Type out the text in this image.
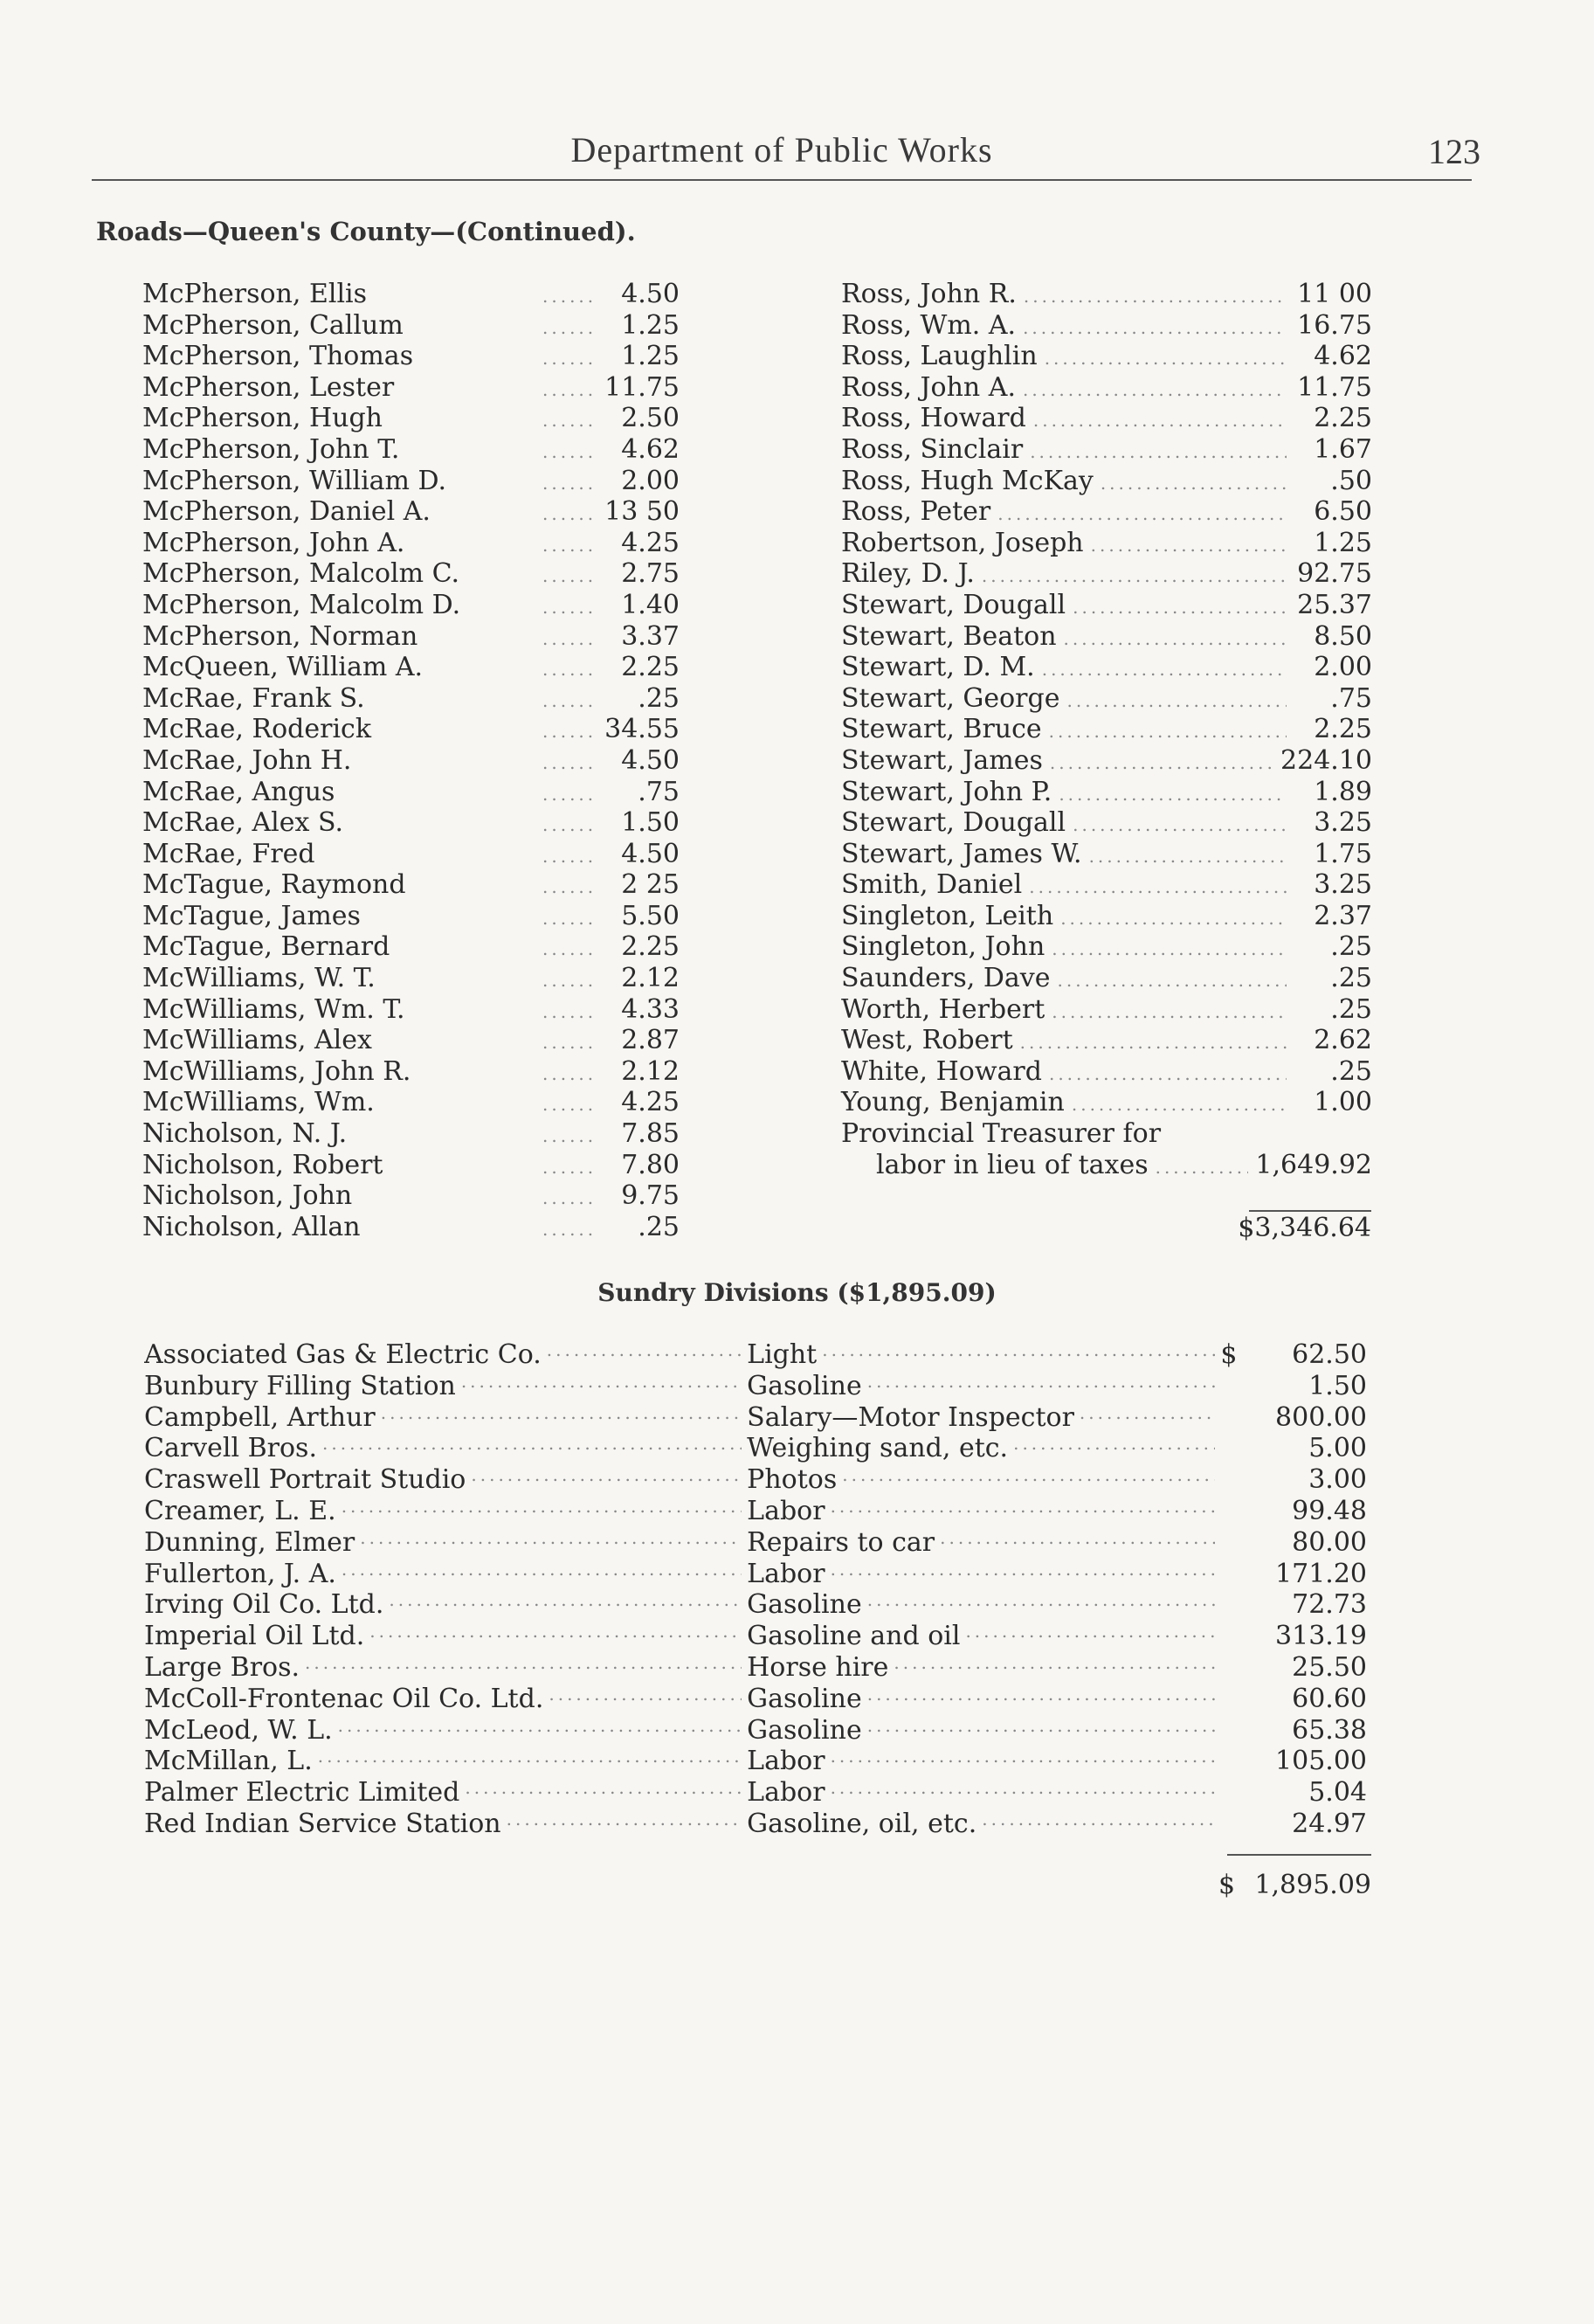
Department of Public Works	123
Roads—Queen's County—(Continued).
McPherson, Ellis .....	4.50
McPherson, Callum .....	1.25
McPherson, Thomas .....	1.25
McPherson, Lester .....	11.75
McPherson, Hugh .....	2.50
McPherson, John T. .....	4.62
McPherson, William D. .....	2.00
McPherson, Daniel A. .....	13 50
McPherson, John A. .....	4.25
McPherson, Malcolm C. .....	2.75
McPherson, Malcolm D. .....	1.40
McPherson, Norman .....	3.37
McQueen, William A. .....	2.25
McRae, Frank S. .....	.25
McRae, Roderick .....	34.55
McRae, John H. .....	4.50
McRae, Angus .....	.75
McRae, Alex S. .....	1.50
McRae, Fred .....	4.50
McTague, Raymond .....	2 25
McTague, James .....	5.50
McTague, Bernard .....	2.25
McWilliams, W. T. .....	2.12
McWilliams, Wm. T. .....	4.33
McWilliams, Alex .....	2.87
McWilliams, John R. .....	2.12
McWilliams, Wm. .....	4.25
Nicholson, N. J. .....	7.85
Nicholson, Robert .....	7.80
Nicholson, John .....	9.75
Nicholson, Allan .....	.25
Ross, John R. .....	11 00
Ross, Wm. A. .....	16.75
Ross, Laughlin .....	4.62
Ross, John A. .....	11.75
Ross, Howard .....	2.25
Ross, Sinclair .....	1.67
Ross, Hugh McKay .....	.50
Ross, Peter .....	6.50
Robertson, Joseph .....	1.25
Riley, D. J. .....	92.75
Stewart, Dougall .....	25.37
Stewart, Beaton .....	8.50
Stewart, D. M. .....	2.00
Stewart, George .....	.75
Stewart, Bruce .....	2.25
Stewart, James .....	224.10
Stewart, John P. .....	1.89
Stewart, Dougall .....	3.25
Stewart, James W. .....	1.75
Smith, Daniel .....	3.25
Singleton, Leith .....	2.37
Singleton, John .....	.25
Saunders, Dave .....	.25
Worth, Herbert .....	.25
West, Robert .....	2.62
White, Howard .....	.25
Young, Benjamin .....	1.00
Provincial Treasurer for
labor in lieu of taxes .....	1,649.92
$3,346.64
Sundry Divisions ($1,895.09)
Associated Gas & Electric Co. .....	Light .....	$	62.50
Bunbury Filling Station .....	Gasoline .....	1.50
Campbell, Arthur .....	Salary—Motor Inspector .....	800.00
Carvell Bros. .....	Weighing sand, etc. .....	5.00
Craswell Portrait Studio .....	Photos .....	3.00
Creamer, L. E. .....	Labor .....	99.48
Dunning, Elmer .....	Repairs to car .....	80.00
Fullerton, J. A. .....	Labor .....	171.20
Irving Oil Co. Ltd. .....	Gasoline .....	72.73
Imperial Oil Ltd. .....	Gasoline and oil .....	313.19
Large Bros. .....	Horse hire .....	25.50
McColl-Frontenac Oil Co. Ltd. .....	Gasoline .....	60.60
McLeod, W. L. .....	Gasoline .....	65.38
McMillan, L. .....	Labor .....	105.00
Palmer Electric Limited .....	Labor .....	5.04
Red Indian Service Station .....	Gasoline, oil, etc. .....	24.97
$ 1,895.09
